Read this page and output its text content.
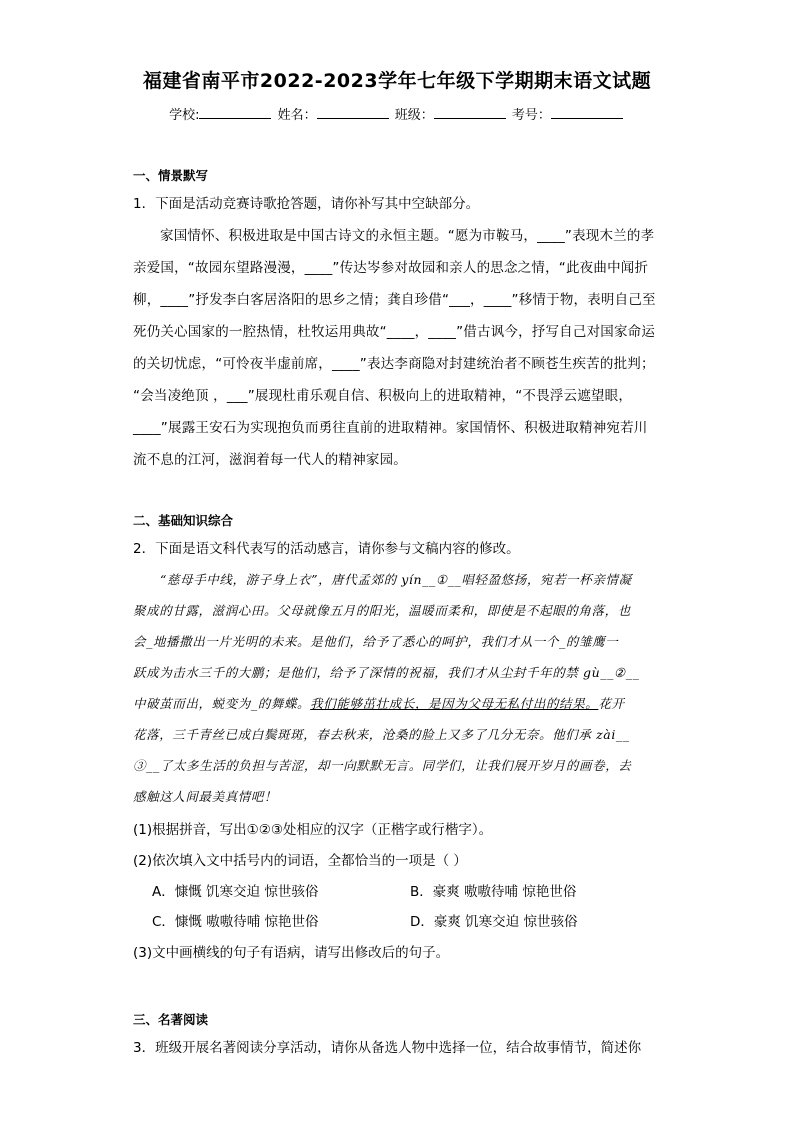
福建省南平市2022-2023学年七年级下学期期末语文试题
学校:	姓名：	班级：	考号：
一、情景默写
1．下面是活动竞赛诗歌抢答题，请你补写其中空缺部分。
家国情怀、积极进取是中国古诗文的永恒主题。“愿为市鞍马，____”表现木兰的孝
亲爱国，“故园东望路漫漫，____”传达岑参对故园和亲人的思念之情，“此夜曲中闻折
柳，____”抒发李白客居洛阳的思乡之情；龚自珍借“___，____”移情于物，表明自己至
死仍关心国家的一腔热情，杜牧运用典故“____，____”借古讽今，抒写自己对国家命运
的关切忧虑，“可怜夜半虚前席，____”表达李商隐对封建统治者不顾苍生疾苦的批判；
“会当凌绝顶 ，___”展现杜甫乐观自信、积极向上的进取精神，“不畏浮云遮望眼，
____”展露王安石为实现抱负而勇往直前的进取精神。家国情怀、积极进取精神宛若川
流不息的江河，滋润着每一代人的精神家园。
二、基础知识综合
2．下面是语文科代表写的活动感言，请你参与文稿内容的修改。
“慈母手中线，游子身上衣”，唐代孟郊的 yín__①__唱轻盈悠扬，宛若一杯亲情凝
聚成的甘露，滋润心田。父母就像五月的阳光，温暖而柔和，即使是不起眼的角落，也
会_地播撒出一片光明的未来。是他们，给予了悉心的呵护，我们才从一个_的雏鹰一
跃成为击水三千的大鹏；是他们，给予了深情的祝福，我们才从尘封千年的禁 gù__②__
中破茧而出，蜕变为_的舞蝶。我们能够茁壮成长，是因为父母无私付出的结果。花开
花落，三千青丝已成白鬓斑斑，春去秋来，沧桑的脸上又多了几分无奈。他们承 zài__
③__了太多生活的负担与苦涩，却一向默默无言。同学们，让我们展开岁月的画卷，去
感触这人间最美真情吧！
(1)根据拼音，写出①②③处相应的汉字（正楷字或行楷字）。
(2)依次填入文中括号内的词语，全都恰当的一项是（ ）
A．慷慨 饥寒交迫 惊世骇俗	B．豪爽 嗷嗷待哺 惊艳世俗
C．慷慨 嗷嗷待哺 惊艳世俗	D．豪爽 饥寒交迫 惊世骇俗
(3)文中画横线的句子有语病，请写出修改后的句子。
三、名著阅读
3．班级开展名著阅读分享活动，请你从备选人物中选择一位，结合故事情节，简述你
